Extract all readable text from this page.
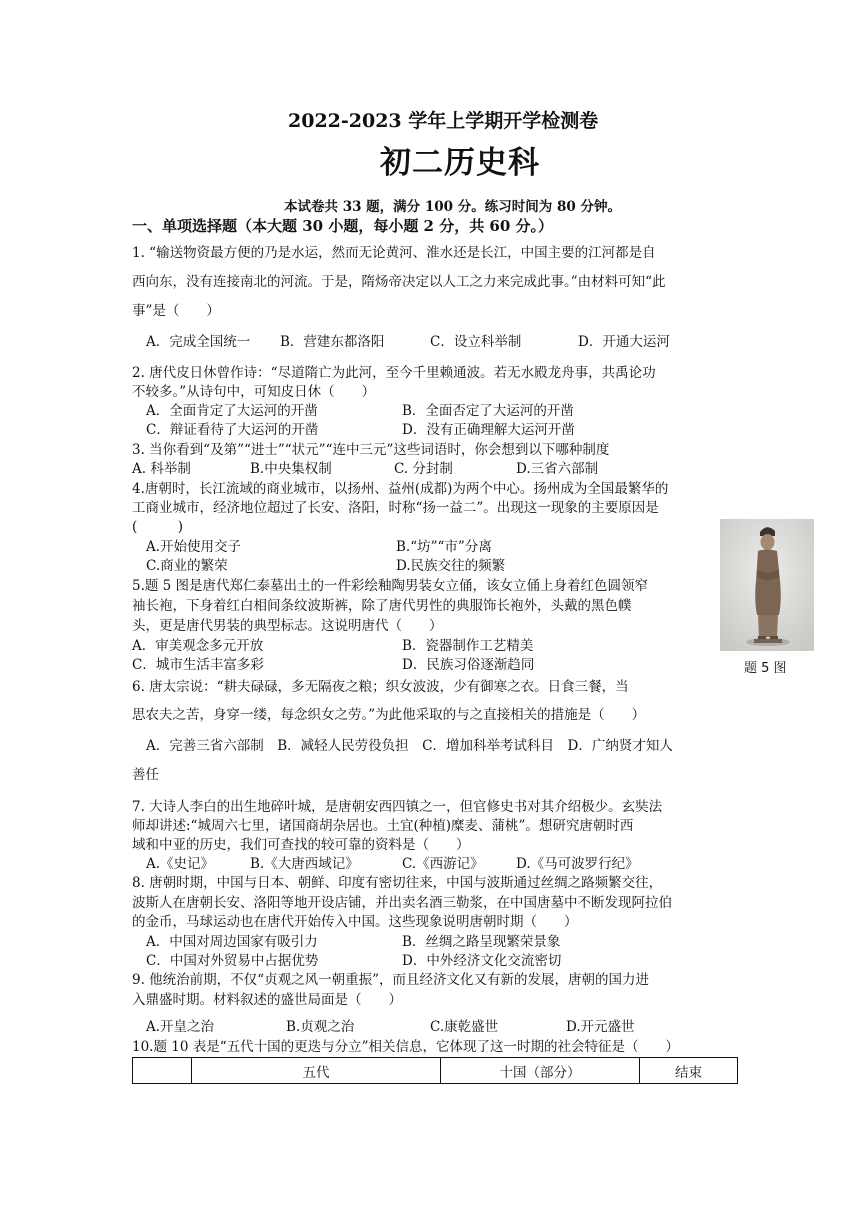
2022-2023 学年上学期开学检测卷
初二历史科
本试卷共 33 题，满分 100 分。练习时间为 80 分钟。
一、单项选择题（本大题 30 小题，每小题 2 分，共 60 分。）
1. “输送物资最方便的乃是水运，然而无论黄河、淮水还是长江，中国主要的江河都是自
西向东，没有连接南北的河流。于是，隋炀帝决定以人工之力来完成此事。”由材料可知“此
事”是（　　）
A．完成全国统一 B．营建东都洛阳	C．设立科举制	D．开通大运河
2. 唐代皮日休曾作诗：“尽道隋亡为此河，至今千里赖通波。若无水殿龙舟事，共禹论功
不较多。”从诗句中，可知皮日休（　　）
A．全面肯定了大运河的开凿	B．全面否定了大运河的开凿
C．辩证看待了大运河的开凿	D．没有正确理解大运河开凿
3. 当你看到“及第”“进士”“状元”“连中三元”这些词语时，你会想到以下哪种制度
A. 科举制	B.中央集权制	C. 分封制	D.三省六部制
4.唐朝时，长江流域的商业城市，以扬州、益州(成都)为两个中心。扬州成为全国最繁华的
工商业城市，经济地位超过了长安、洛阳，时称“扬一益二”。出现这一现象的主要原因是
(　　　)
A.开始使用交子	B.“坊”“市”分离
C.商业的繁荣	D.民族交往的频繁
5.题 5 图是唐代郑仁泰墓出土的一件彩绘釉陶男装女立俑，该女立俑上身着红色圆领窄
袖长袍，下身着红白相间条纹波斯裤，除了唐代男性的典服饰长袍外，头戴的黑色幞
头，更是唐代男装的典型标志。这说明唐代（　　）
A．审美观念多元开放	B．瓷器制作工艺精美
C．城市生活丰富多彩	D．民族习俗逐渐趋同	题 5 图
6. 唐太宗说：“耕夫碌碌，多无隔夜之粮；织女波波，少有御寒之衣。日食三餐，当
思农夫之苦，身穿一缕，每念织女之劳。”为此他采取的与之直接相关的措施是（　　）
A．完善三省六部制　B．减轻人民劳役负担　C．增加科举考试科目　D．广纳贤才知人
善任
7. 大诗人李白的出生地碎叶城，是唐朝安西四镇之一，但官修史书对其介绍极少。玄奘法
师却讲述:“城周六七里，诸国商胡杂居也。土宜(种植)糜麦、蒲桃”。想研究唐朝时西
域和中亚的历史，我们可查找的较可靠的资料是（　　）
A.《史记》	B.《大唐西域记》	C.《西游记》 D.《马可波罗行纪》
8. 唐朝时期，中国与日本、朝鲜、印度有密切往来，中国与波斯通过丝绸之路频繁交往，
波斯人在唐朝长安、洛阳等地开设店铺，并出卖名酒三勒浆，在中国唐墓中不断发现阿拉伯
的金币，马球运动也在唐代开始传入中国。这些现象说明唐朝时期（　　）
A．中国对周边国家有吸引力	B．丝绸之路呈现繁荣景象
C．中国对外贸易中占据优势	D．中外经济文化交流密切
9. 他统治前期，不仅“贞观之风一朝重振”，而且经济文化又有新的发展，唐朝的国力进
入鼎盛时期。材料叙述的盛世局面是（　　）
A.开皇之治	B.贞观之治	C.康乾盛世	D.开元盛世
10.题 10 表是“五代十国的更迭与分立”相关信息，它体现了这一时期的社会特征是（　　）
	五代	十国（部分）	结束
